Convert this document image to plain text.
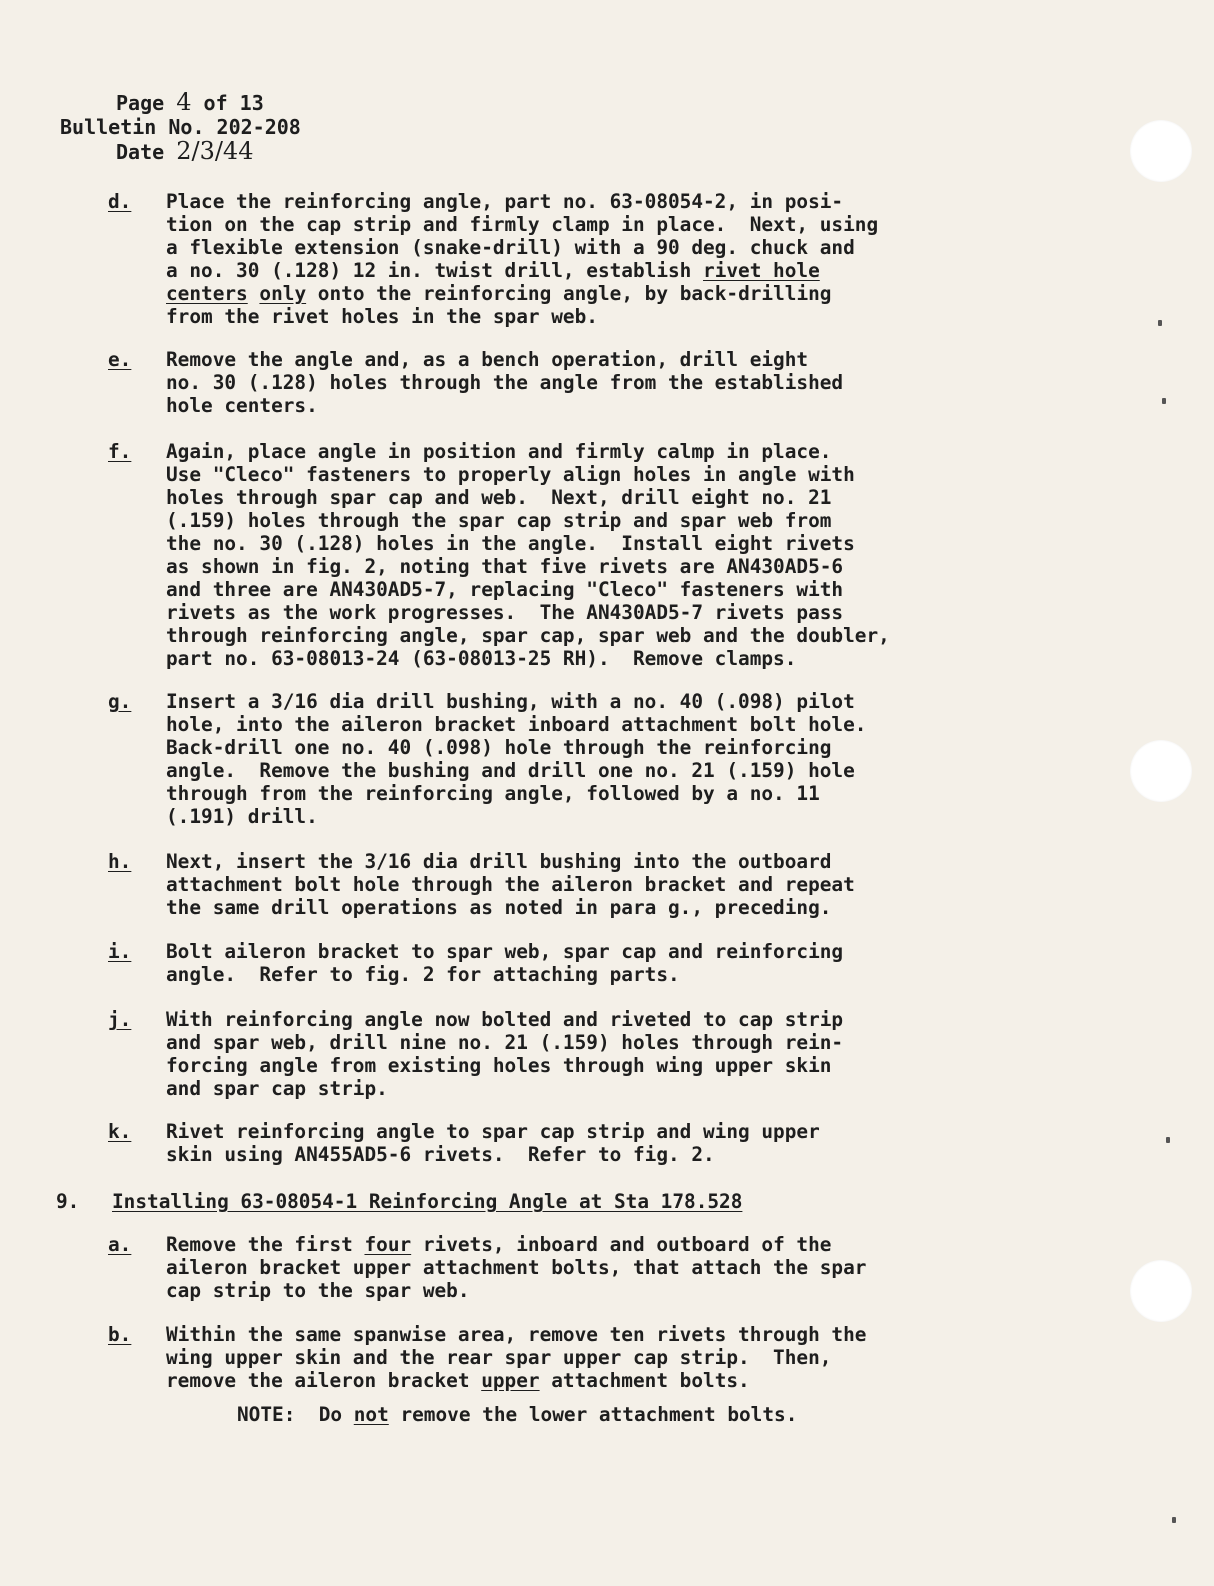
Page 4 of 13
Bulletin No. 202-208
Date 2/3/44
d.	Place the reinforcing angle, part no. 63-08054-2, in posi-
tion on the cap strip and firmly clamp in place.  Next, using
a flexible extension (snake-drill) with a 90 deg. chuck and
a no. 30 (.128) 12 in. twist drill, establish rivet hole
centers only onto the reinforcing angle, by back-drilling
from the rivet holes in the spar web.
e.	Remove the angle and, as a bench operation, drill eight
no. 30 (.128) holes through the angle from the established
hole centers.
f.	Again, place angle in position and firmly calmp in place.
Use "Cleco" fasteners to properly align holes in angle with
holes through spar cap and web.  Next, drill eight no. 21
(.159) holes through the spar cap strip and spar web from
the no. 30 (.128) holes in the angle.  Install eight rivets
as shown in fig. 2, noting that five rivets are AN430AD5-6
and three are AN430AD5-7, replacing "Cleco" fasteners with
rivets as the work progresses.  The AN430AD5-7 rivets pass
through reinforcing angle, spar cap, spar web and the doubler,
part no. 63-08013-24 (63-08013-25 RH).  Remove clamps.
g.	Insert a 3/16 dia drill bushing, with a no. 40 (.098) pilot
hole, into the aileron bracket inboard attachment bolt hole.
Back-drill one no. 40 (.098) hole through the reinforcing
angle.  Remove the bushing and drill one no. 21 (.159) hole
through from the reinforcing angle, followed by a no. 11
(.191) drill.
h.	Next, insert the 3/16 dia drill bushing into the outboard
attachment bolt hole through the aileron bracket and repeat
the same drill operations as noted in para g., preceding.
i.	Bolt aileron bracket to spar web, spar cap and reinforcing
angle.  Refer to fig. 2 for attaching parts.
j.	With reinforcing angle now bolted and riveted to cap strip
and spar web, drill nine no. 21 (.159) holes through rein-
forcing angle from existing holes through wing upper skin
and spar cap strip.
k.	Rivet reinforcing angle to spar cap strip and wing upper
skin using AN455AD5-6 rivets.  Refer to fig. 2.
9.	Installing 63-08054-1 Reinforcing Angle at Sta 178.528
a.	Remove the first four rivets, inboard and outboard of the
aileron bracket upper attachment bolts, that attach the spar
cap strip to the spar web.
b.	Within the same spanwise area, remove ten rivets through the
wing upper skin and the rear spar upper cap strip.  Then,
remove the aileron bracket upper attachment bolts.
NOTE:  Do not remove the lower attachment bolts.
